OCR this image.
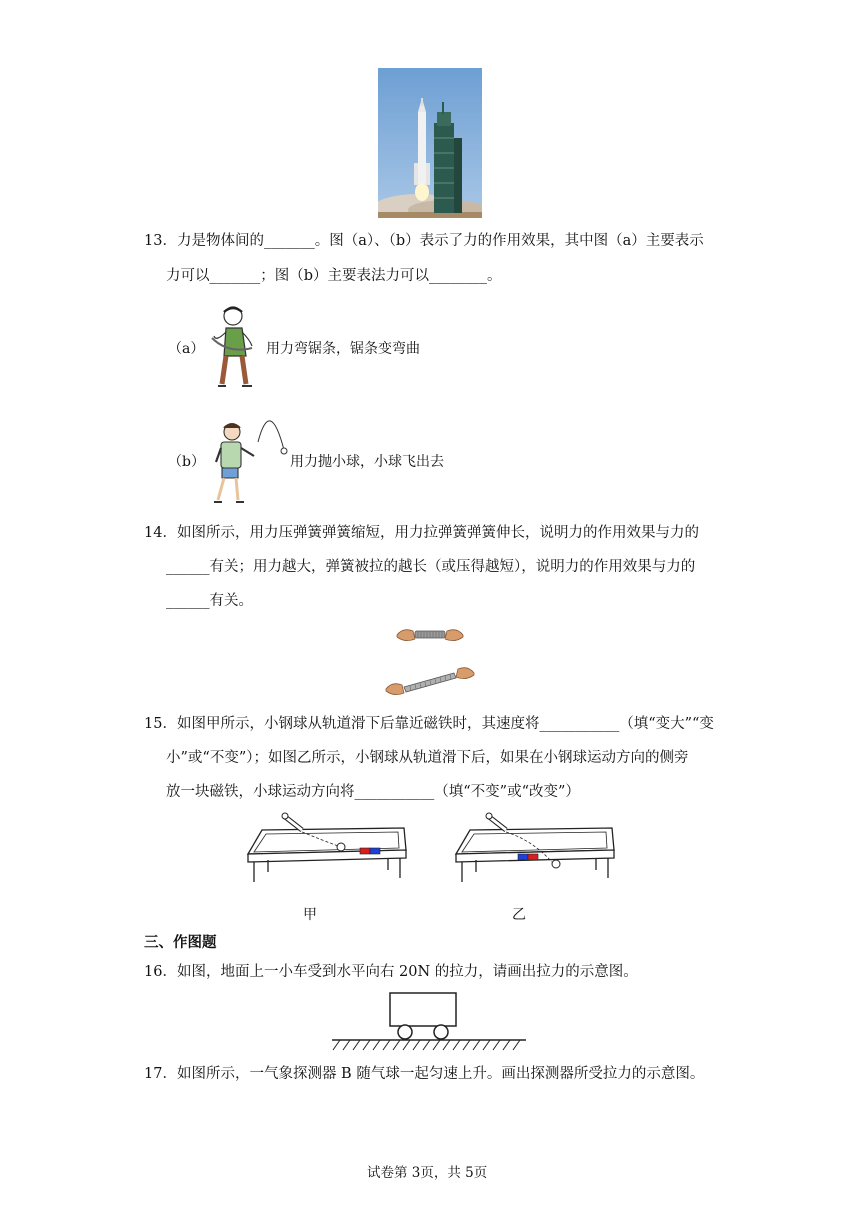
13．力是物体间的_______。图（a）、（b）表示了力的作用效果，其中图（a）主要表示
力可以_______；图（b）主要表法力可以________。
（a）	用力弯锯条，锯条变弯曲
（b）	用力抛小球，小球飞出去
14．如图所示，用力压弹簧弹簧缩短，用力拉弹簧弹簧伸长，说明力的作用效果与力的
______有关；用力越大，弹簧被拉的越长（或压得越短），说明力的作用效果与力的
______有关。
15．如图甲所示，小钢球从轨道滑下后靠近磁铁时，其速度将___________（填“变大”“变
小”或“不变”）；如图乙所示，小钢球从轨道滑下后，如果在小钢球运动方向的侧旁
放一块磁铁，小球运动方向将___________（填“不变”或“改变”）
甲	乙
三、作图题
16．如图，地面上一小车受到水平向右 20N 的拉力，请画出拉力的示意图。
17．如图所示，一气象探测器 B 随气球一起匀速上升。画出探测器所受拉力的示意图。
试卷第 3页，共 5页
